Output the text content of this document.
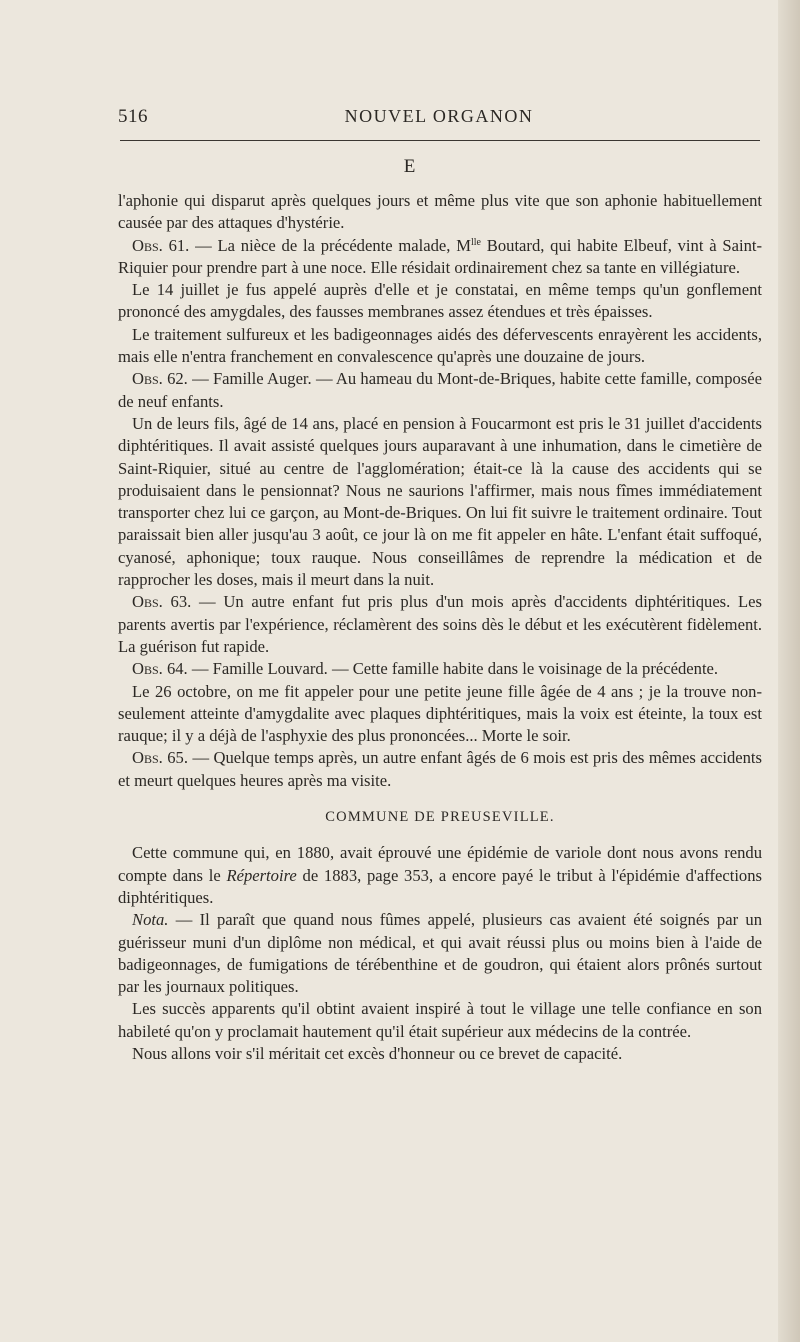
516	NOUVEL ORGANON
E

l'aphonie qui disparut après quelques jours et même plus vite que son aphonie habituellement causée par des attaques d'hystérie.

Obs. 61. — La nièce de la précédente malade, $M^{lle}$ Boutard, qui habite Elbeuf, vint à Saint-Riquier pour prendre part à une noce. Elle résidait ordinairement chez sa tante en villégiature.

Le 14 juillet je fus appelé auprès d'elle et je constatai, en même temps qu'un gonflement prononcé des amygdales, des fausses membranes assez étendues et très épaisses.

Le traitement sulfureux et les badigeonnages aidés des défervescents enrayèrent les accidents, mais elle n'entra franchement en convalescence qu'après une douzaine de jours.

Obs. 62. — Famille Auger. — Au hameau du Mont-de-Briques, habite cette famille, composée de neuf enfants.

Un de leurs fils, âgé de 14 ans, placé en pension à Foucarmont est pris le 31 juillet d'accidents diphtéritiques. Il avait assisté quelques jours auparavant à une inhumation, dans le cimetière de Saint-Riquier, situé au centre de l'agglomération; était-ce là la cause des accidents qui se produisaient dans le pensionnat? Nous ne saurions l'affirmer, mais nous fîmes immédiatement transporter chez lui ce garçon, au Mont-de-Briques. On lui fit suivre le traitement ordinaire. Tout paraissait bien aller jusqu'au 3 août, ce jour là on me fit appeler en hâte. L'enfant était suffoqué, cyanosé, aphonique; toux rauque. Nous conseillâmes de reprendre la médication et de rapprocher les doses, mais il meurt dans la nuit.

Obs. 63. — Un autre enfant fut pris plus d'un mois après d'accidents diphtéritiques. Les parents avertis par l'expérience, réclamèrent des soins dès le début et les exécutèrent fidèlement. La guérison fut rapide.

Obs. 64. — Famille Louvard. — Cette famille habite dans le voisinage de la précédente.

Le 26 octobre, on me fit appeler pour une petite jeune fille âgée de 4 ans ; je la trouve non-seulement atteinte d'amygdalite avec plaques diphtéritiques, mais la voix est éteinte, la toux est rauque; il y a déjà de l'asphyxie des plus prononcées... Morte le soir.

Obs. 65. — Quelque temps après, un autre enfant âgés de 6 mois est pris des mêmes accidents et meurt quelques heures après ma visite.

COMMUNE DE PREUSEVILLE.

Cette commune qui, en 1880, avait éprouvé une épidémie de variole dont nous avons rendu compte dans le Répertoire de 1883, page 353, a encore payé le tribut à l'épidémie d'affections diphtéritiques.

Nota. — Il paraît que quand nous fûmes appelé, plusieurs cas avaient été soignés par un guérisseur muni d'un diplôme non médical, et qui avait réussi plus ou moins bien à l'aide de badigeonnages, de fumigations de térébenthine et de goudron, qui étaient alors prônés surtout par les journaux politiques.

Les succès apparents qu'il obtint avaient inspiré à tout le village une telle confiance en son habileté qu'on y proclamait hautement qu'il était supérieur aux médecins de la contrée.

Nous allons voir s'il méritait cet excès d'honneur ou ce brevet de capacité.
